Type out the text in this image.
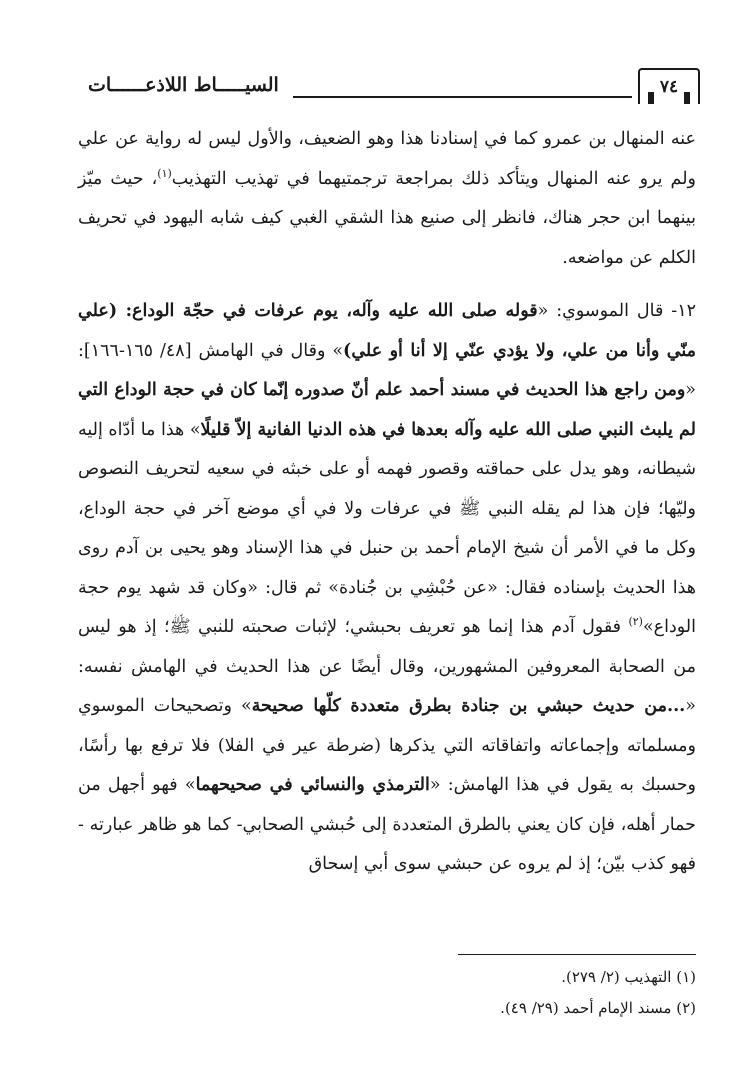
٧٤
السيـــــاط اللاذعــــــات

عنه المنهال بن عمرو كما في إسنادنا هذا وهو الضعيف، والأول ليس له رواية عن علي ولم يرو عنه المنهال ويتأكد ذلك بمراجعة ترجمتيهما في تهذيب التهذيب$^{(١)}$، حيث ميّز بينهما ابن حجر هناك، فانظر إلى صنيع هذا الشقي الغبي كيف شابه اليهود في تحريف الكلم عن مواضعه.

١٢- قال الموسوي: «قوله صلى الله عليه وآله، يوم عرفات في حجّة الوداع: (علي منّي وأنا من علي، ولا يؤدي عنّي إلا أنا أو علي)» وقال في الهامش [٤٨/ ١٦٥-١٦٦]: «ومن راجع هذا الحديث في مسند أحمد علم أنّ صدوره إنّما كان في حجة الوداع التي لم يلبث النبي صلى الله عليه وآله بعدها في هذه الدنيا الفانية إلاّ قليلًا» هذا ما أدّاه إليه شيطانه، وهو يدل على حماقته وقصور فهمه أو على خبثه في سعيه لتحريف النصوص وليّها؛ فإن هذا لم يقله النبي ﷺ في عرفات ولا في أي موضع آخر في حجة الوداع، وكل ما في الأمر أن شيخ الإمام أحمد بن حنبل في هذا الإسناد وهو يحيى بن آدم روى هذا الحديث بإسناده فقال: «عن حُبْشِي بن جُنادة» ثم قال: «وكان قد شهد يوم حجة الوداع»$^{(٢)}$ فقول آدم هذا إنما هو تعريف بحبشي؛ لإثبات صحبته للنبي ﷺ؛ إذ هو ليس من الصحابة المعروفين المشهورين، وقال أيضًا عن هذا الحديث في الهامش نفسه: «...من حديث حبشي بن جنادة بطرق متعددة كلّها صحيحة» وتصحيحات الموسوي ومسلماته وإجماعاته واتفاقاته التي يذكرها (ضرطة عير في الفلا) فلا ترفع بها رأسًا، وحسبك به يقول في هذا الهامش: «الترمذي والنسائي في صحيحهما» فهو أجهل من حمار أهله، فإن كان يعني بالطرق المتعددة إلى حُبشي الصحابي- كما هو ظاهر عبارته - فهو كذب بيّن؛ إذ لم يروه عن حبشي سوى أبي إسحاق

(١) التهذيب (٢/ ٢٧٩).
(٢) مسند الإمام أحمد (٢٩/ ٤٩).
